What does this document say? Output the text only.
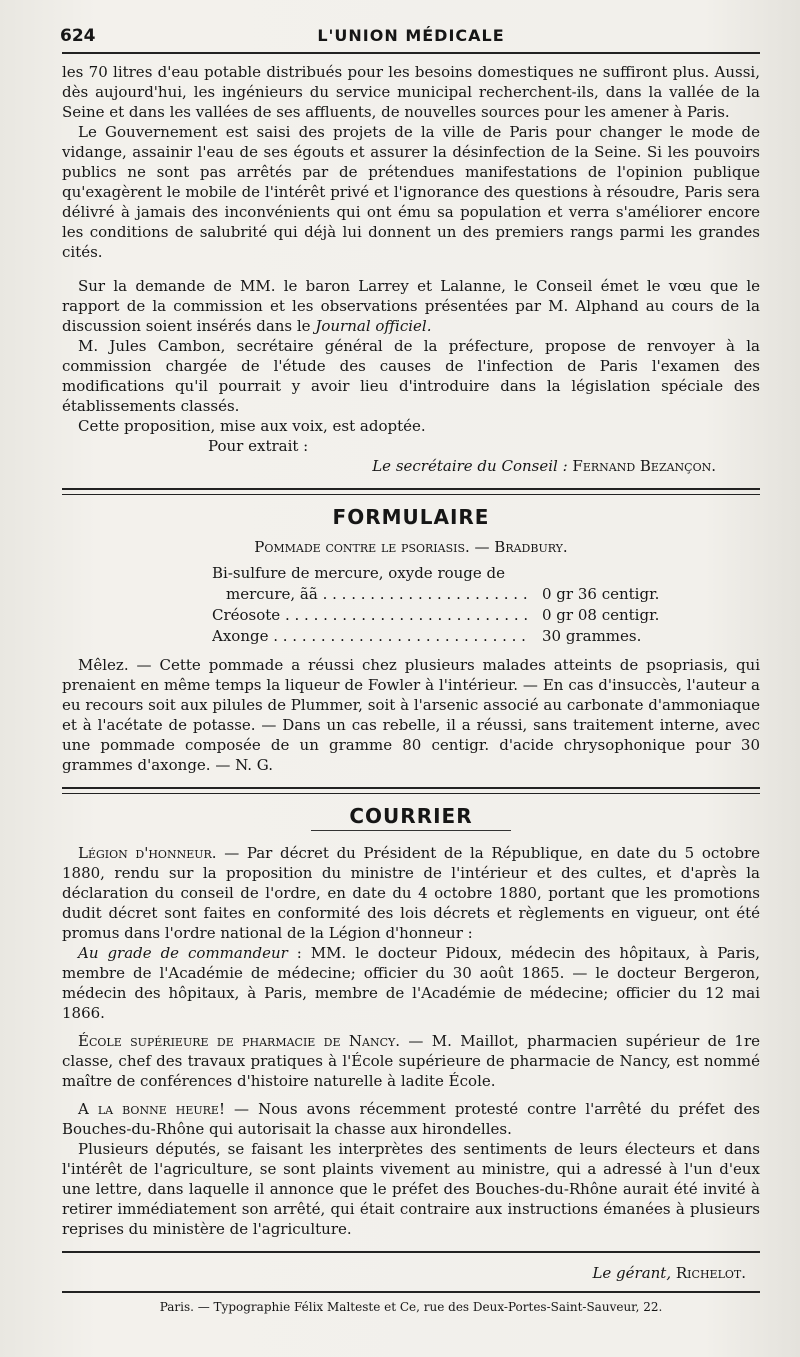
624	L'UNION MÉDICALE

les 70 litres d'eau potable distribués pour les besoins domestiques ne suffiront plus. Aussi, dès aujourd'hui, les ingénieurs du service municipal recherchent-ils, dans la vallée de la Seine et dans les vallées de ses affluents, de nouvelles sources pour les amener à Paris.

Le Gouvernement est saisi des projets de la ville de Paris pour changer le mode de vidange, assainir l'eau de ses égouts et assurer la désinfection de la Seine. Si les pouvoirs publics ne sont pas arrêtés par de prétendues manifestations de l'opinion publique qu'exagèrent le mobile de l'intérêt privé et l'ignorance des questions à résoudre, Paris sera délivré à jamais des inconvénients qui ont ému sa population et verra s'améliorer encore les conditions de salubrité qui déjà lui donnent un des premiers rangs parmi les grandes cités.

Sur la demande de MM. le baron Larrey et Lalanne, le Conseil émet le vœu que le rapport de la commission et les observations présentées par M. Alphand au cours de la discussion soient insérés dans le Journal officiel.

M. Jules Cambon, secrétaire général de la préfecture, propose de renvoyer à la commission chargée de l'étude des causes de l'infection de Paris l'examen des modifications qu'il pourrait y avoir lieu d'introduire dans la législation spéciale des établissements classés.

Cette proposition, mise aux voix, est adoptée.

Pour extrait :

Le secrétaire du Conseil : Fernand Bezançon.

FORMULAIRE
Pommade contre le psoriasis. — Bradbury.
Bi-sulfure de mercure, oxyde rouge de
mercure, ãã . . .	0 gr 36 centigr.
Créosote . . .	0 gr 08 centigr.
Axonge . . .	30 grammes.

Mêlez. — Cette pommade a réussi chez plusieurs malades atteints de psopriasis, qui prenaient en même temps la liqueur de Fowler à l'intérieur. — En cas d'insuccès, l'auteur a eu recours soit aux pilules de Plummer, soit à l'arsenic associé au carbonate d'ammoniaque et à l'acétate de potasse. — Dans un cas rebelle, il a réussi, sans traitement interne, avec une pommade composée de un gramme 80 centigr. d'acide chrysophonique pour 30 grammes d'axonge. — N. G.

COURRIER

Légion d'honneur. — Par décret du Président de la République, en date du 5 octobre 1880, rendu sur la proposition du ministre de l'intérieur et des cultes, et d'après la déclaration du conseil de l'ordre, en date du 4 octobre 1880, portant que les promotions dudit décret sont faites en conformité des lois décrets et règlements en vigueur, ont été promus dans l'ordre national de la Légion d'honneur :

Au grade de commandeur : MM. le docteur Pidoux, médecin des hôpitaux, à Paris, membre de l'Académie de médecine; officier du 30 août 1865. — le docteur Bergeron, médecin des hôpitaux, à Paris, membre de l'Académie de médecine; officier du 12 mai 1866.

École supérieure de pharmacie de Nancy. — M. Maillot, pharmacien supérieur de 1re classe, chef des travaux pratiques à l'École supérieure de pharmacie de Nancy, est nommé maître de conférences d'histoire naturelle à ladite École.

A la bonne heure! — Nous avons récemment protesté contre l'arrêté du préfet des Bouches-du-Rhône qui autorisait la chasse aux hirondelles.

Plusieurs députés, se faisant les interprètes des sentiments de leurs électeurs et dans l'intérêt de l'agriculture, se sont plaints vivement au ministre, qui a adressé à l'un d'eux une lettre, dans laquelle il annonce que le préfet des Bouches-du-Rhône aurait été invité à retirer immédiatement son arrêté, qui était contraire aux instructions émanées à plusieurs reprises du ministère de l'agriculture.

Le gérant, Richelot.
Paris. — Typographie Félix Malteste et Ce, rue des Deux-Portes-Saint-Sauveur, 22.
